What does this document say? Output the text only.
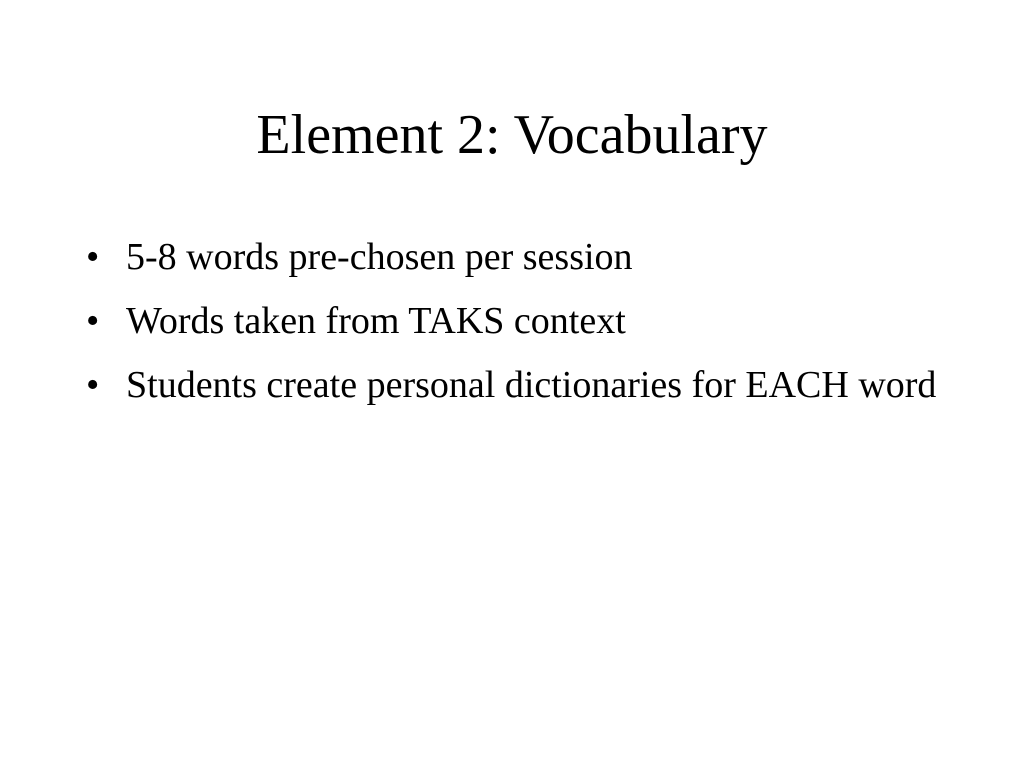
Element 2: Vocabulary
• 5-8 words pre-chosen per session
• Words taken from TAKS context
• Students create personal dictionaries for EACH word
